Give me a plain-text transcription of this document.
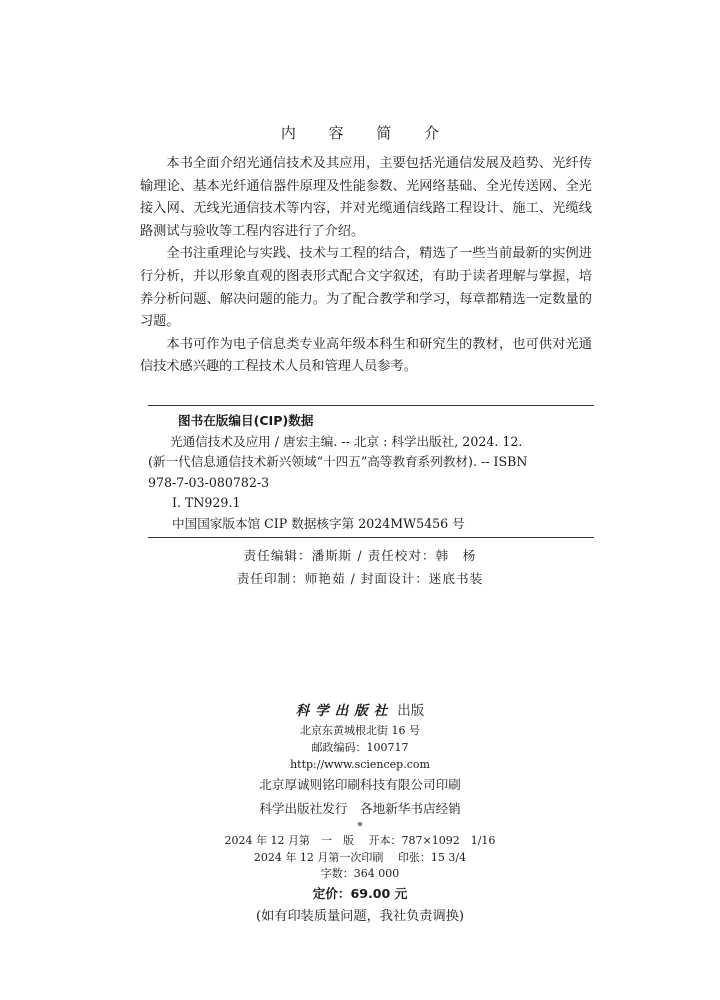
内 容 简 介

本书全面介绍光通信技术及其应用，主要包括光通信发展及趋势、光纤传输理论、基本光纤通信器件原理及性能参数、光网络基础、全光传送网、全光接入网、无线光通信技术等内容，并对光缆通信线路工程设计、施工、光缆线路测试与验收等工程内容进行了介绍。

全书注重理论与实践、技术与工程的结合，精选了一些当前最新的实例进行分析，并以形象直观的图表形式配合文字叙述，有助于读者理解与掌握，培养分析问题、解决问题的能力。为了配合教学和学习，每章都精选一定数量的习题。

本书可作为电子信息类专业高年级本科生和研究生的教材，也可供对光通信技术感兴趣的工程技术人员和管理人员参考。

图书在版编目(CIP)数据
光通信技术及应用 / 唐宏主编. -- 北京 : 科学出版社, 2024. 12.
(新一代信息通信技术新兴领域“十四五”高等教育系列教材). -- ISBN
978-7-03-080782-3
Ⅰ. TN929.1
中国国家版本馆 CIP 数据核字第 2024MW5456 号
责任编辑：潘斯斯 / 责任校对：韩　杨
责任印制：师艳茹 / 封面设计：迷底书装
科学出版社 出版
北京东黄城根北街 16 号
邮政编码：100717
http://www.sciencep.com
北京厚诚则铭印刷科技有限公司印刷
科学出版社发行　各地新华书店经销
*
2024 年 12 月第　一　版　 开本：787×1092　1/16
2024 年 12 月第一次印刷　 印张：15 3/4
字数：364 000
定价：69.00 元
(如有印装质量问题，我社负责调换)
